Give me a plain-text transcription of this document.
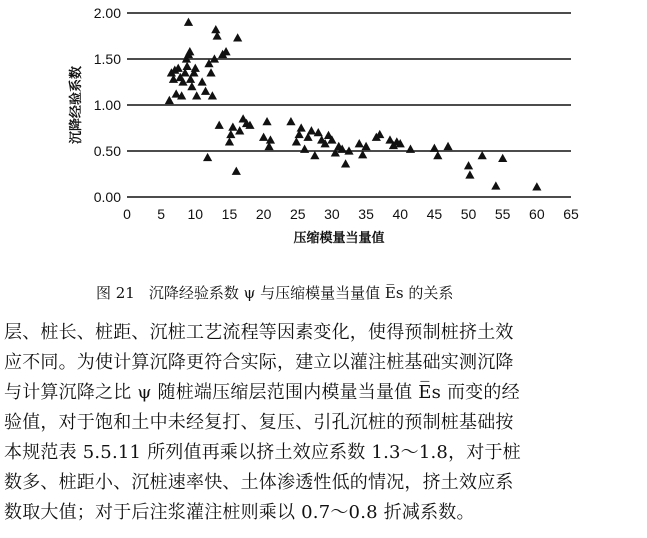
0.00
0.50
1.00
1.50
2.00
0 5 10 15 20 25 30 35 40 45 50 55 60 65
压缩模量当量值
沉降经验系数
图 21 沉降经验系数 ψ 与压缩模量当量值 E̅s 的关系
层、桩长、桩距、沉桩工艺流程等因素变化，使得预制桩挤土效
应不同。为使计算沉降更符合实际，建立以灌注桩基础实测沉降
与计算沉降之比 ψ 随桩端压缩层范围内模量当量值 E̅s 而变的经
验值，对于饱和土中未经复打、复压、引孔沉桩的预制桩基础按
本规范表 5.5.11 所列值再乘以挤土效应系数 1.3～1.8，对于桩
数多、桩距小、沉桩速率快、土体渗透性低的情况，挤土效应系
数取大值；对于后注浆灌注桩则乘以 0.7～0.8 折减系数。
